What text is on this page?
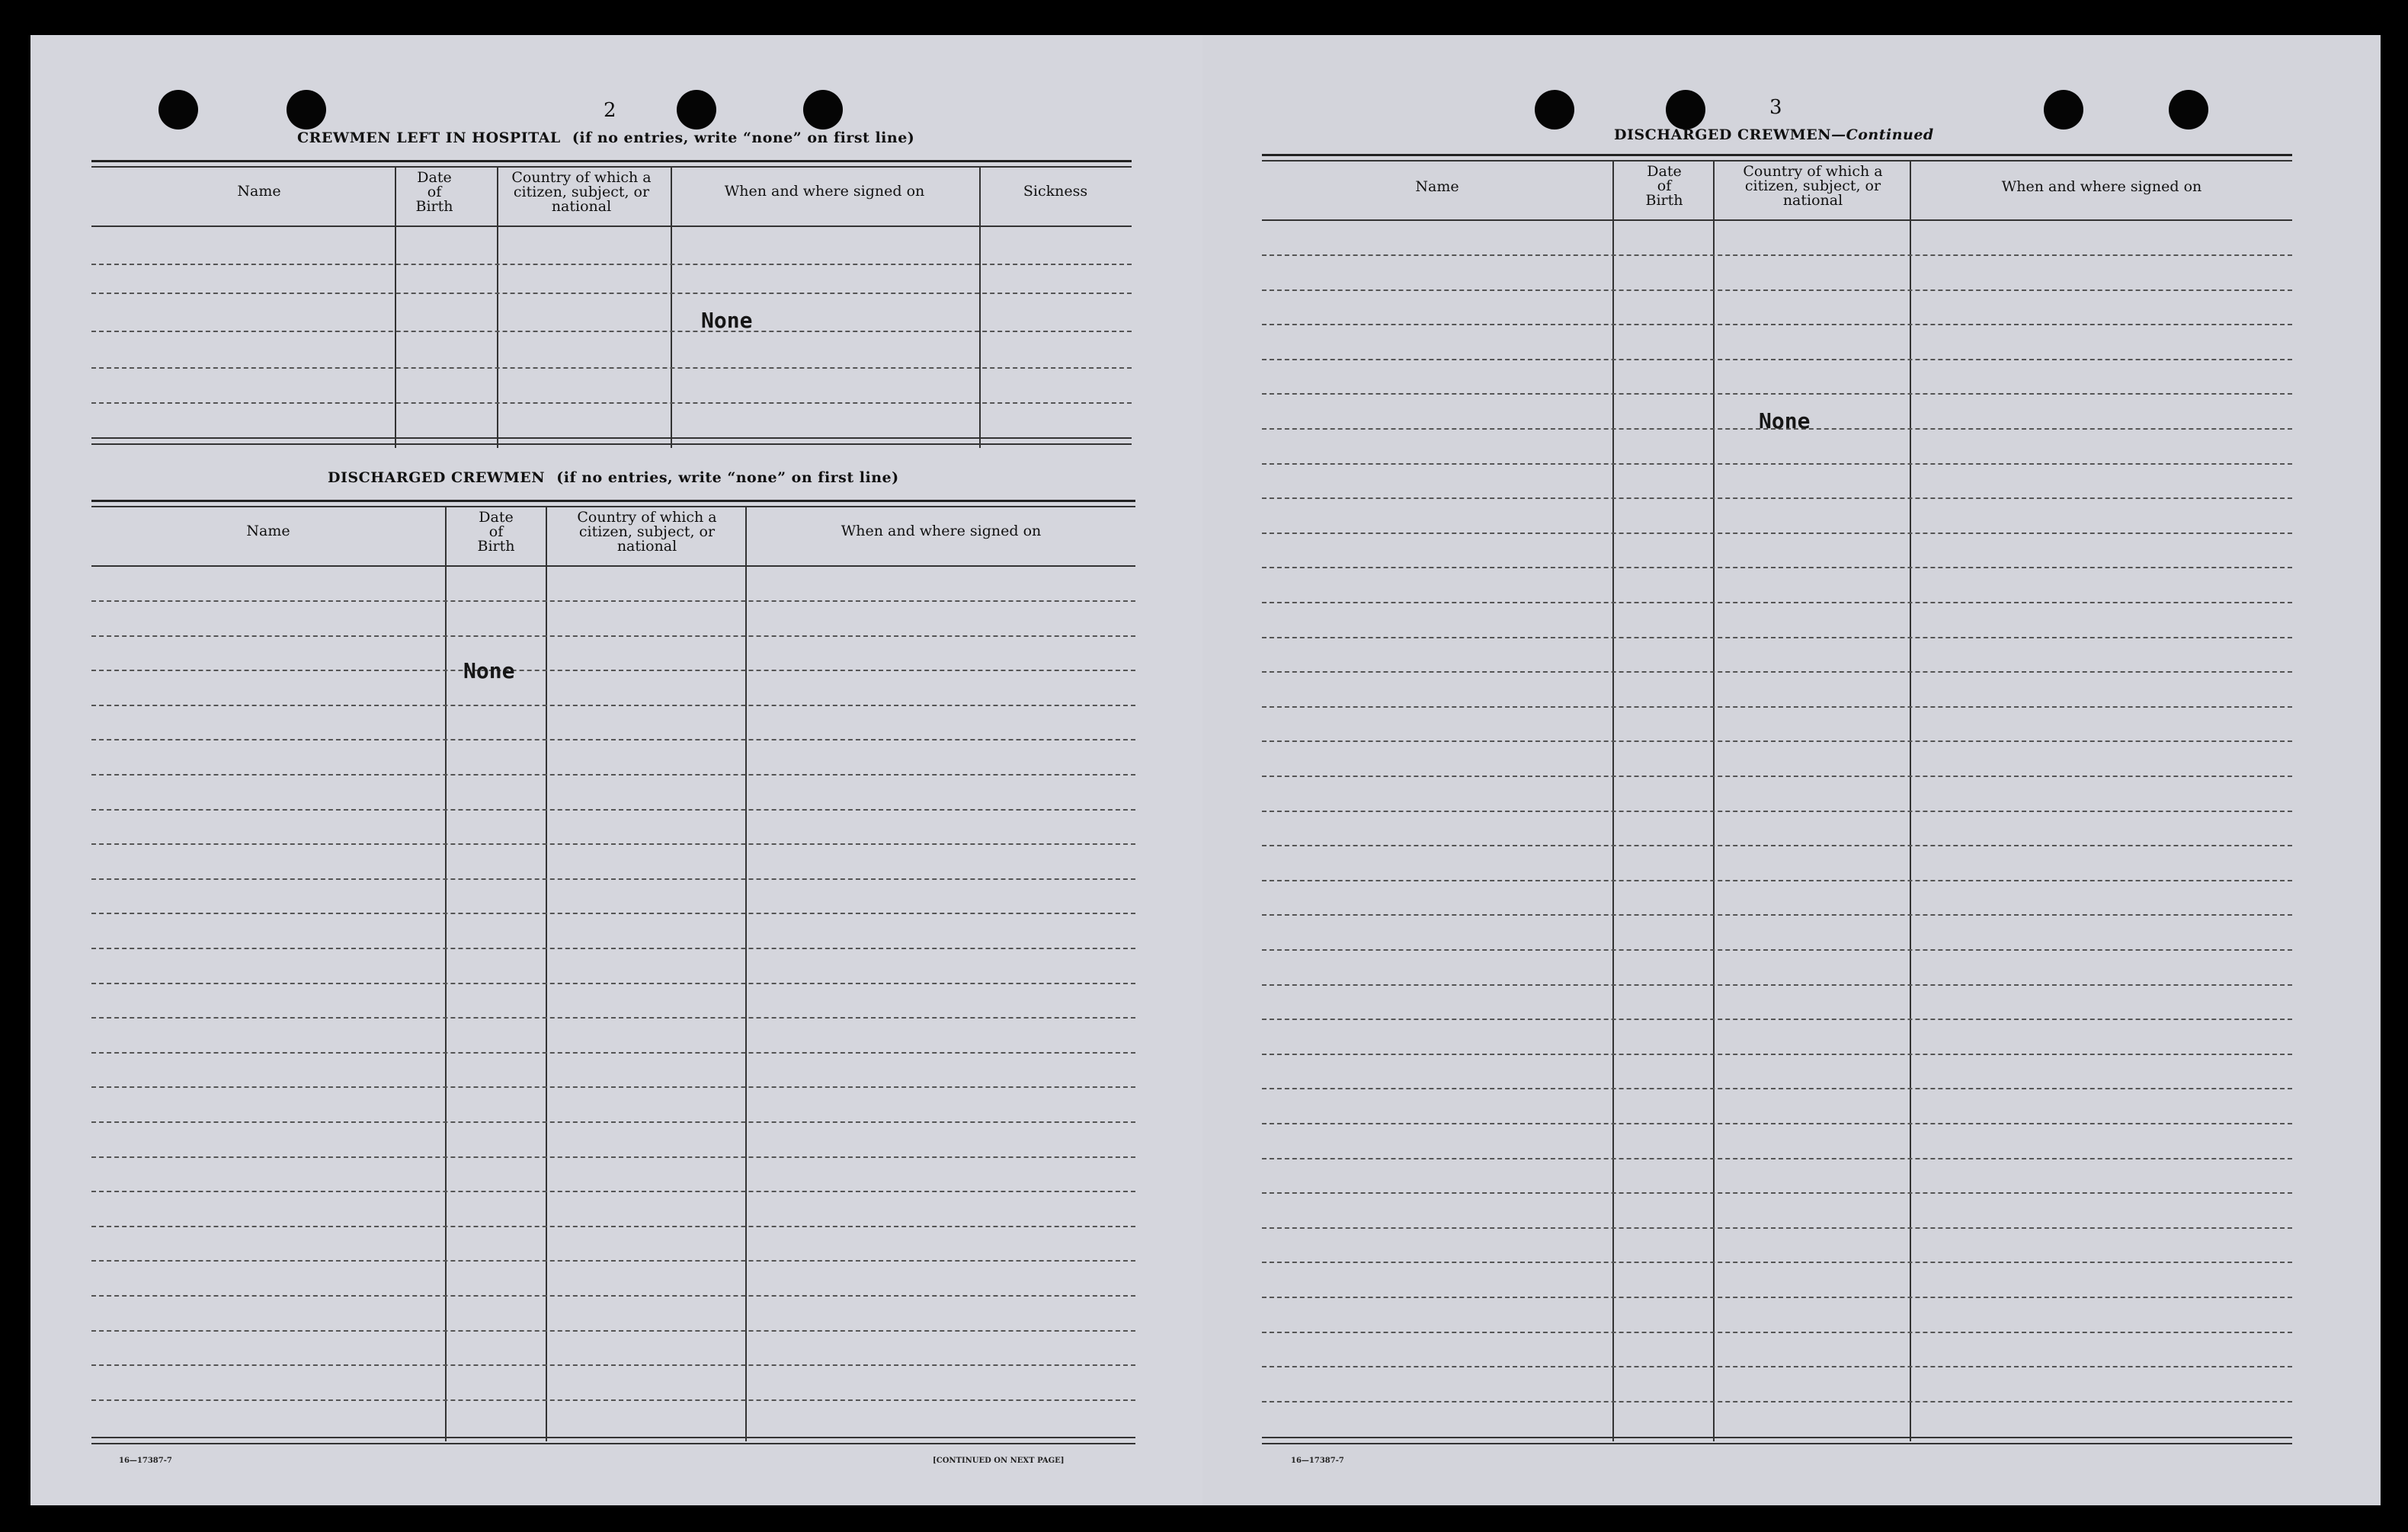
2
CREWMEN LEFT IN HOSPITAL (if no entries, write “none” on first line)
Name
Date
of
Birth
Country of which a
citizen, subject, or
national
When and where signed on	Sickness
None
DISCHARGED CREWMEN (if no entries, write “none” on first line)
Name
Date
of
Birth
Country of which a
citizen, subject, or
national
When and where signed on
None
16—17387-7	[CONTINUED ON NEXT PAGE]
3
DISCHARGED CREWMEN—Continued
Name
Date
of
Birth
Country of which a
citizen, subject, or
national
When and where signed on
None
16—17387-7
